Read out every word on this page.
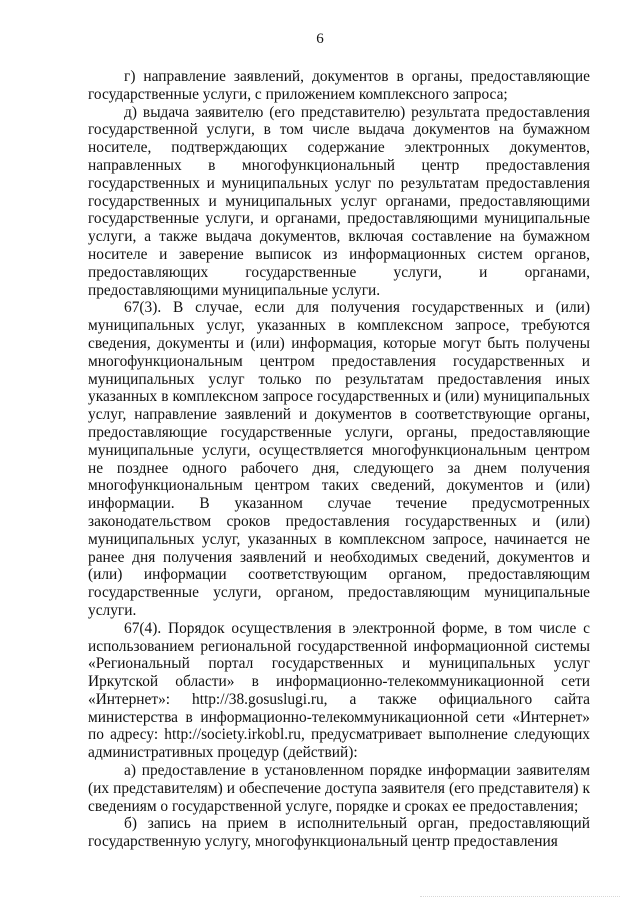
6

г) направление заявлений, документов в органы, предоставляющие государственные услуги, с приложением комплексного запроса;

д) выдача заявителю (его представителю) результата предоставления государственной услуги, в том числе выдача документов на бумажном носителе, подтверждающих содержание электронных документов, направленных в многофункциональный центр предоставления государственных и муниципальных услуг по результатам предоставления государственных и муниципальных услуг органами, предоставляющими государственные услуги, и органами, предоставляющими муниципальные услуги, а также выдача документов, включая составление на бумажном носителе и заверение выписок из информационных систем органов, предоставляющих государственные услуги, и органами, предоставляющими муниципальные услуги.

67(3). В случае, если для получения государственных и (или) муниципальных услуг, указанных в комплексном запросе, требуются сведения, документы и (или) информация, которые могут быть получены многофункциональным центром предоставления государственных и муниципальных услуг только по результатам предоставления иных указанных в комплексном запросе государственных и (или) муниципальных услуг, направление заявлений и документов в соответствующие органы, предоставляющие государственные услуги, органы, предоставляющие муниципальные услуги, осуществляется многофункциональным центром не позднее одного рабочего дня, следующего за днем получения многофункциональным центром таких сведений, документов и (или) информации. В указанном случае течение предусмотренных законодательством сроков предоставления государственных и (или) муниципальных услуг, указанных в комплексном запросе, начинается не ранее дня получения заявлений и необходимых сведений, документов и (или) информации соответствующим органом, предоставляющим государственные услуги, органом, предоставляющим муниципальные услуги.

67(4). Порядок осуществления в электронной форме, в том числе с использованием региональной государственной информационной системы «Региональный портал государственных и муниципальных услуг Иркутской области» в информационно-телекоммуникационной сети «Интернет»: http://38.gosuslugi.ru, а также официального сайта министерства в информационно-телекоммуникационной сети «Интернет» по адресу: http://society.irkobl.ru, предусматривает выполнение следующих административных процедур (действий):

а) предоставление в установленном порядке информации заявителям (их представителям) и обеспечение доступа заявителя (его представителя) к сведениям о государственной услуге, порядке и сроках ее предоставления;

б) запись на прием в исполнительный орган, предоставляющий государственную услугу, многофункциональный центр предоставления
